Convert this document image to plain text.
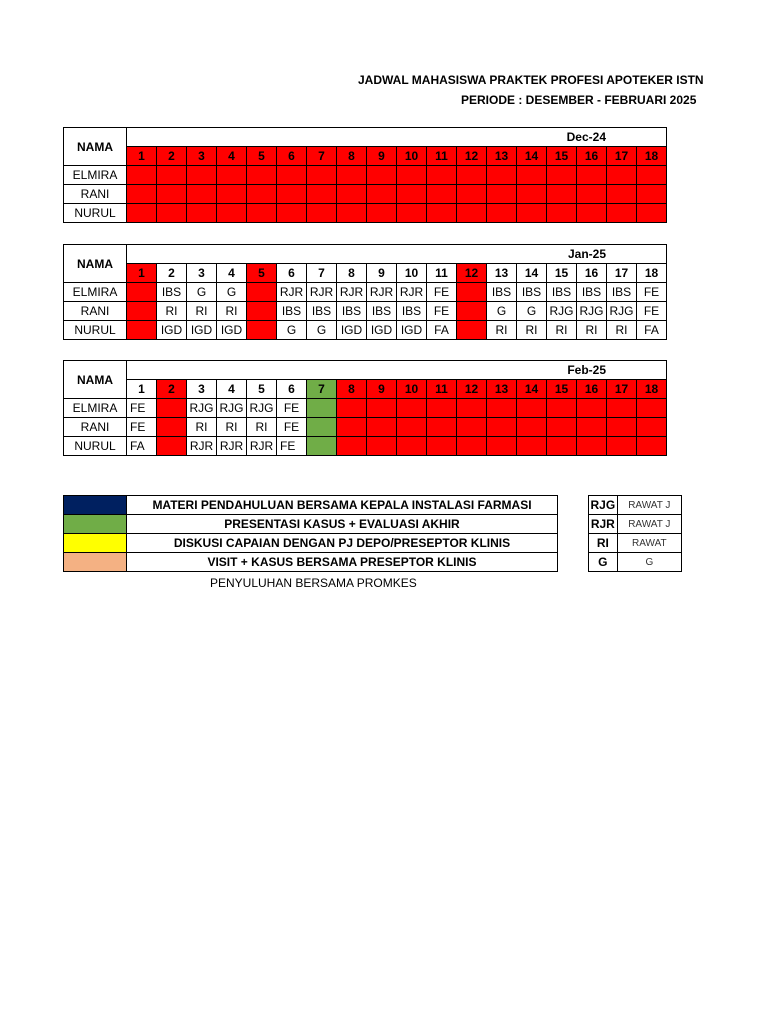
JADWAL MAHASISWA PRAKTEK PROFESI APOTEKER ISTN
PERIODE : DESEMBER - FEBRUARI 2025
NAMA	Dec-24																	
	1	2	3	4	5	6	7	8	9	10	11	12	13	14	15	16	17	18
ELMIRA																		
RANI																		
NURUL																		
NAMA	Jan-25																	
	1	2	3	4	5	6	7	8	9	10	11	12	13	14	15	16	17	18
ELMIRA		IBS	G	G		RJR	RJR	RJR	RJR	RJR	FE		IBS	IBS	IBS	IBS	IBS	FE
RANI		RI	RI	RI		IBS	IBS	IBS	IBS	IBS	FE		G	G	RJG	RJG	RJG	FE
NURUL		IGD	IGD	IGD		G	G	IGD	IGD	IGD	FA		RI	RI	RI	RI	RI	FA
NAMA	Feb-25																	
	1	2	3	4	5	6	7	8	9	10	11	12	13	14	15	16	17	18
ELMIRA	FE		RJG	RJG	RJG	FE												
RANI	FE		RI	RI	RI	FE												
NURUL	FA		RJR	RJR	RJR	FE												
	MATERI PENDAHULUAN BERSAMA KEPALA INSTALASI FARMASI
	PRESENTASI KASUS + EVALUASI AKHIR
	DISKUSI CAPAIAN DENGAN PJ DEPO/PRESEPTOR KLINIS
	VISIT + KASUS BERSAMA PRESEPTOR KLINIS
PENYULUHAN BERSAMA PROMKES
RJG	RAWAT J
RJR	RAWAT J
RI	RAWAT
G	G
